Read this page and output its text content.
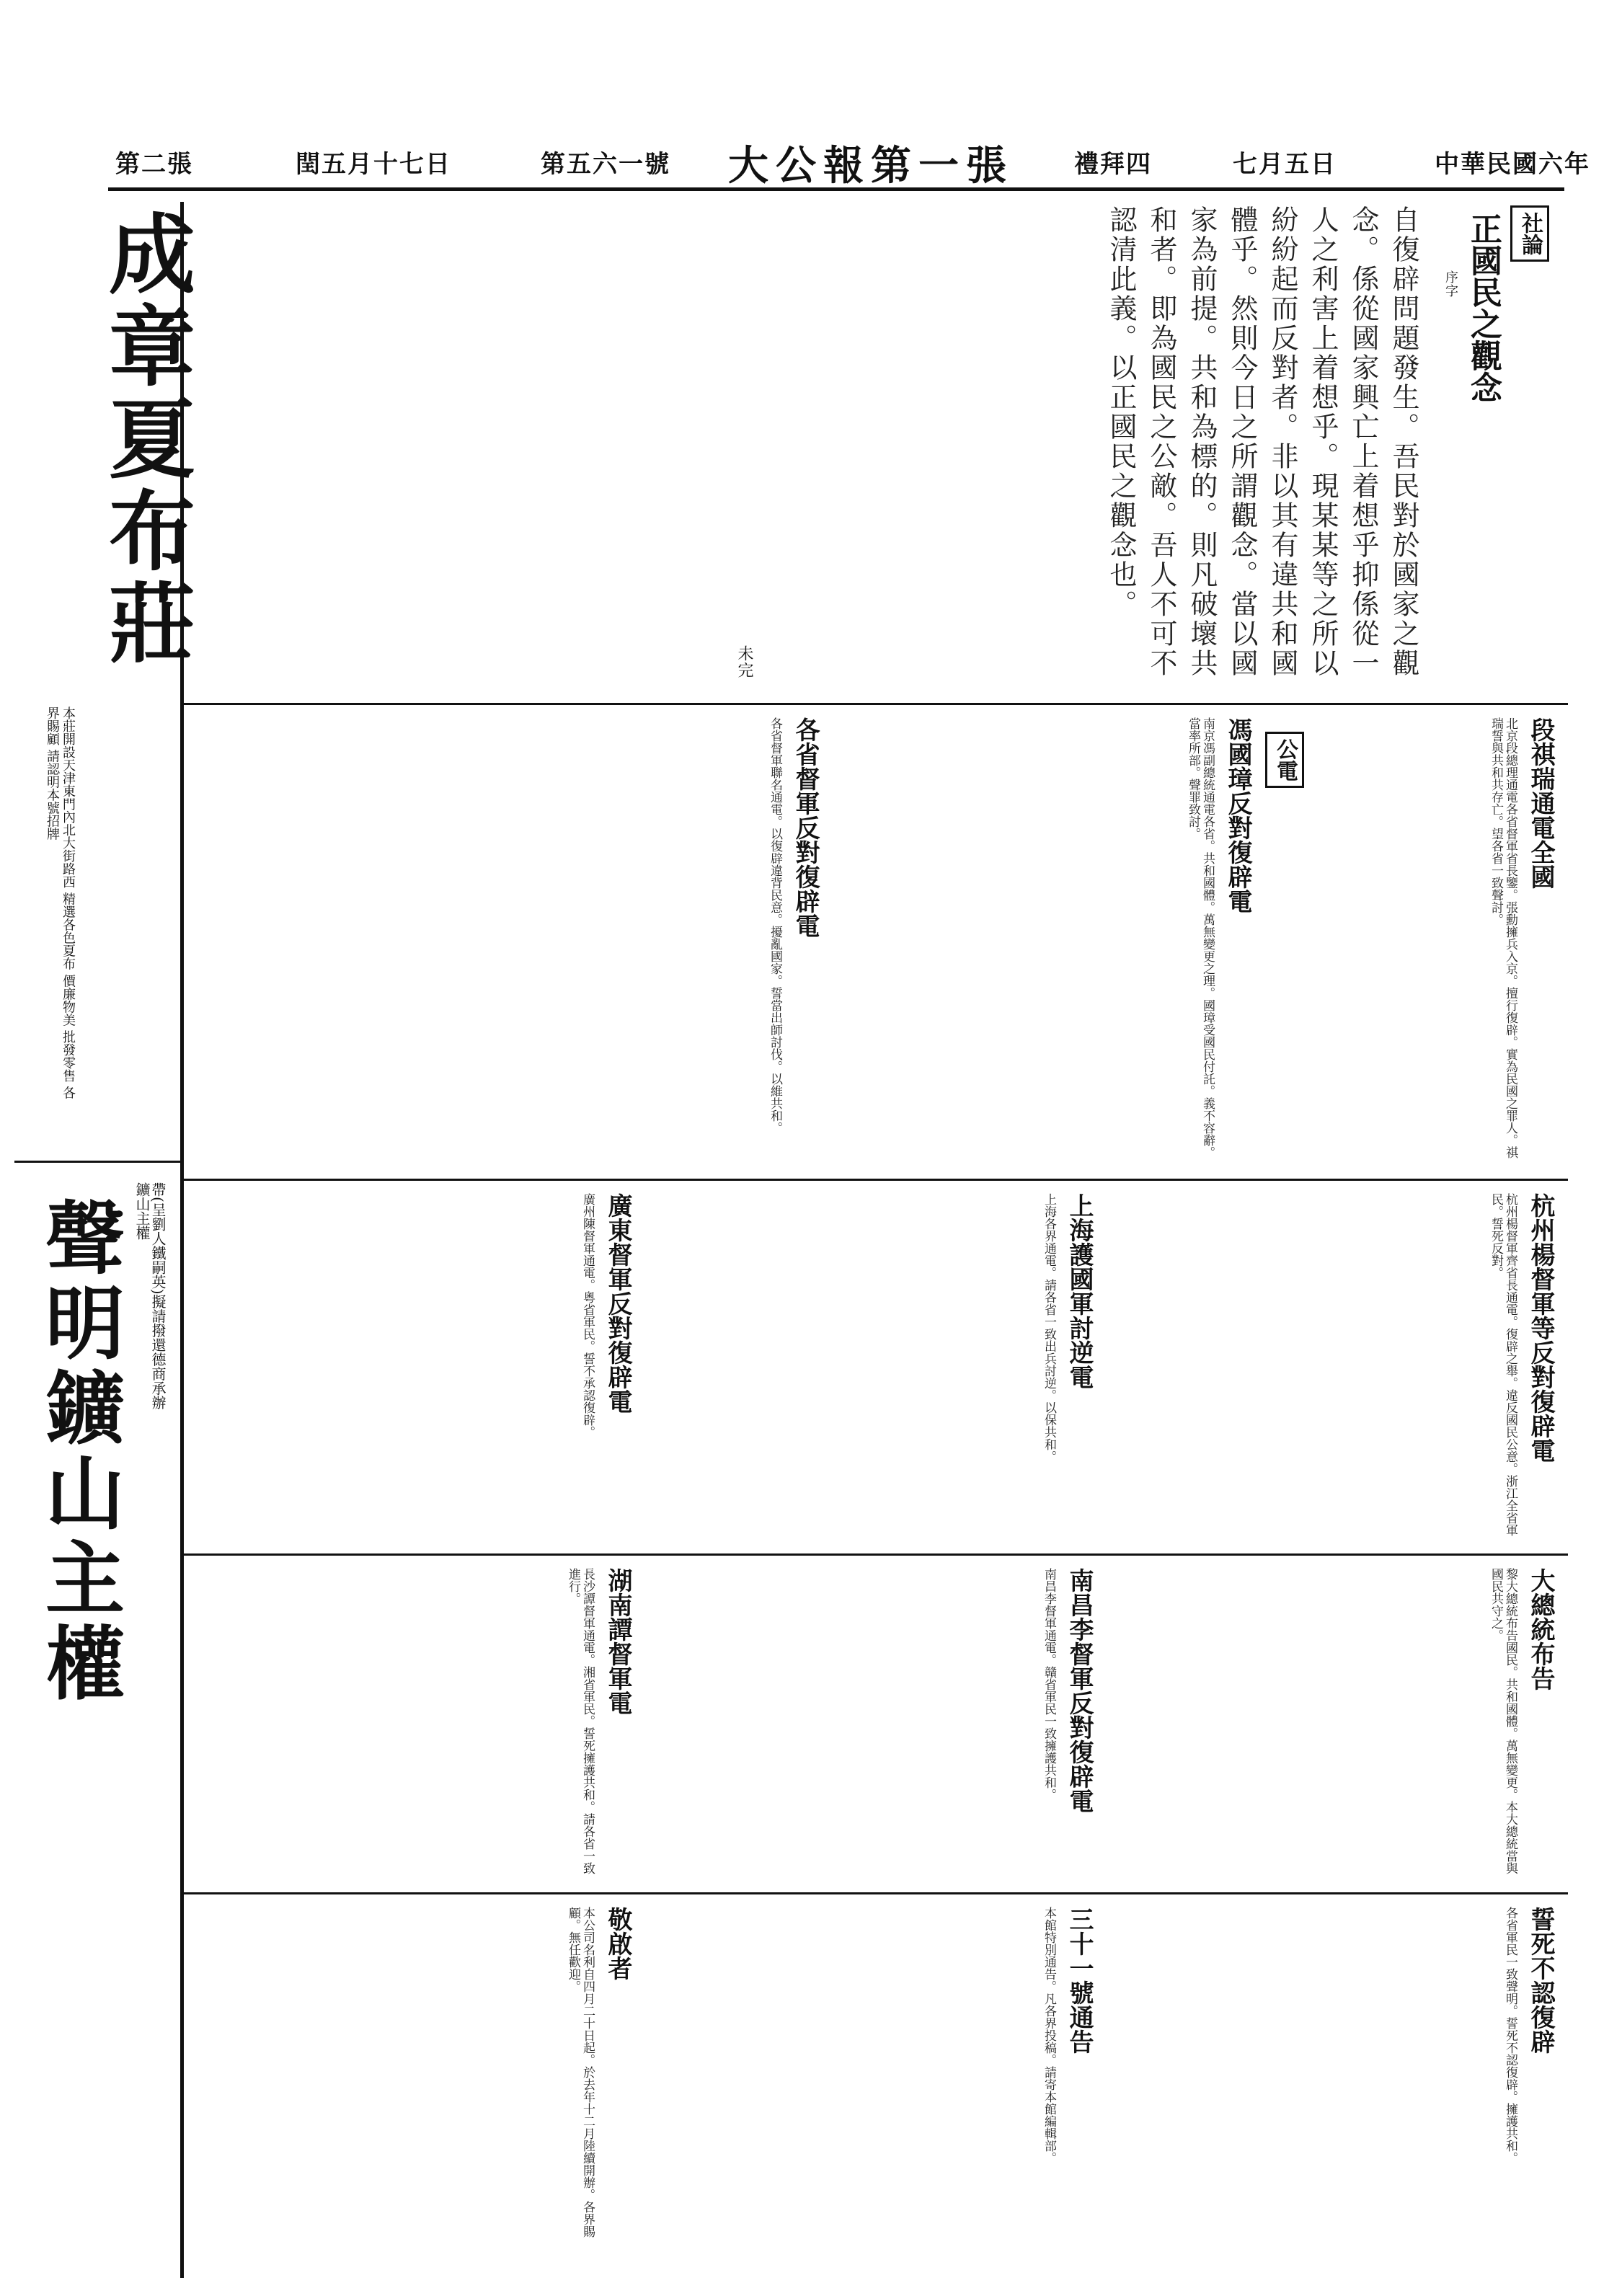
中華民國六年
七月五日
禮拜四
大公報第一張
第五六一號
閏五月十七日
第二張
成章夏布莊
本莊開設天津東門內北大街路西 精選各色夏布 價廉物美 批發零售 各界賜顧 請認明本號招牌
帶(呈劉人鐵嗣英)擬請撥還德商承辦鑛山主權
聲明鑛山主權
社論
正國民之觀念
序字
自復辟問題發生。吾民對於國家之觀念。係從國家興亡上着想乎抑係從一人之利害上着想乎。現某某等之所以紛紛起而反對者。非以其有違共和國體乎。然則今日之所謂觀念。當以國家為前提。共和為標的。則凡破壞共和者。即為國民之公敵。吾人不可不認清此義。以正國民之觀念也。
未完
公電	段祺瑞通電全國
北京段總理通電各省督軍省長鑒。張勳擁兵入京。擅行復辟。實為民國之罪人。祺瑞誓與共和共存亡。望各省一致聲討。
馮國璋反對復辟電
南京馮副總統通電各省。共和國體。萬無變更之理。國璋受國民付託。義不容辭。當率所部。聲罪致討。
各省督軍反對復辟電
各省督軍聯名通電。以復辟違背民意。擾亂國家。誓當出師討伐。以維共和。
杭州楊督軍等反對復辟電
杭州楊督軍齊省長通電。復辟之舉。違反國民公意。浙江全省軍民。誓死反對。
上海護國軍討逆電
上海各界通電。請各省一致出兵討逆。以保共和。
廣東督軍反對復辟電
廣州陳督軍通電。粵省軍民。誓不承認復辟。
大總統布告
黎大總統布告國民。共和國體。萬無變更。本大總統當與國民共守之。
南昌李督軍反對復辟電
南昌李督軍通電。贛省軍民一致擁護共和。
湖南譚督軍電
長沙譚督軍通電。湘省軍民。誓死擁護共和。請各省一致進行。
誓死不認復辟
各省軍民一致聲明。誓死不認復辟。擁護共和。
三十一號通告
本館特別通告。凡各界投稿。請寄本館編輯部。
敬啟者
本公司名利自四月二十日起。於去年十二月陸續開辦。各界賜顧。無任歡迎。
